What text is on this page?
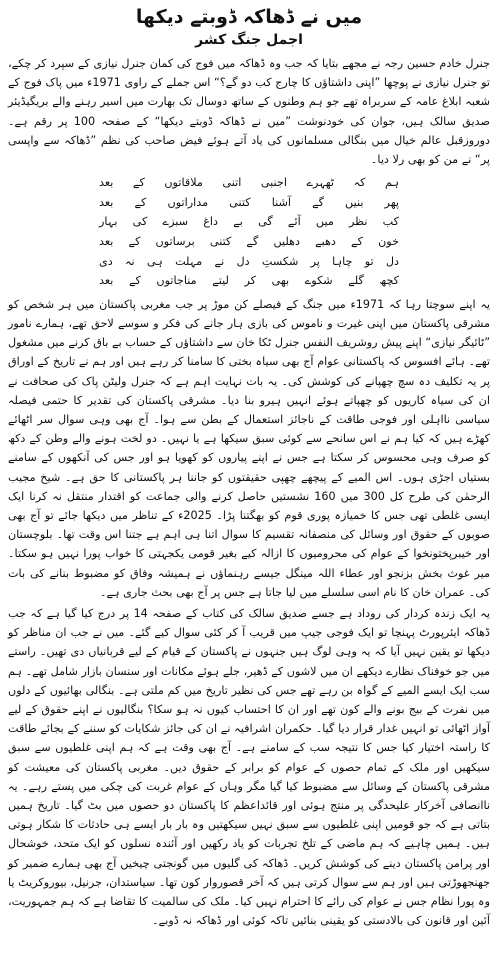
میں نے ڈھاکہ ڈوبتے دیکھا
اجمل جنگ کشر

جنرل خادم حسین رجہ نے مجھے بتایا کہ جب وہ ڈھاکہ میں فوج کی کمان جنرل نیازی کے سپرد کر چکے، تو جنرل نیازی نے پوچھا ”اپنی داشتاؤں کا چارج کب دو گے؟“ اس جملے کے راوی 1971ء میں پاک فوج کے شعبہ ابلاغ عامہ کے سربراہ تھے جو ہم وطنوں کے ساتھ دوسال تک بھارت میں اسیر رہنے والے بریگیڈیئر صدیق سالک ہیں، جوان کی خودنوشت ”میں نے ڈھاکہ ڈوبتے دیکھا“ کے صفحہ 100 پر رقم ہے۔ دوروزقبل عالم خیال میں بنگالی مسلمانوں کی یاد آتے ہوئے فیض صاحب کی نظم ”ڈھاکہ سے واپسی پر“ نے من کو بھی رلا دیا۔

ہم کہ ٹھہرے اجنبی اتنی ملاقاتوں کے بعد
پھر بنیں گے آشنا کتنی مداراتوں کے بعد
کب نظر میں آئے گی بے داغ سبزے کی بہار
خون کے دھبے دھلیں گے کتنی برساتوں کے بعد
دل تو چاہا پر شکستِ دل نے مہلت ہی نہ دی
کچھ گلے شکوے بھی کر لیتے مناجاتوں کے بعد

یہ اپنے سوچتا رہا کہ 1971ء میں جنگ کے فیصلے کن موڑ پر جب مغربی پاکستان میں ہر شخص کو مشرقی پاکستان میں اپنی غیرت و ناموس کی بازی ہار جانے کی فکر و سوسے لاحق تھے، ہمارے نامور ”ٹائیگر نیازی“ اپنے پیش روشریف النفس جنرل ٹکا خان سے داشتاؤں کے حساب بے باق کرنے میں مشغول تھے۔ ہائے افسوس کہ پاکستانی عوام آج بھی سیاہ بختی کا سامنا کر رہے ہیں اور ہم نے تاریخ کے اوراق پر یہ تکلیف دہ سچ چھپانے کی کوشش کی۔ یہ بات نہایت اہم ہے کہ جنرل ولیٹن پاک کی صحافت نے ان کی سیاہ کاریوں کو چھپاتے ہوئے انہیں ہیرو بنا دیا۔ مشرقی پاکستان کی تقدیر کا حتمی فیصلہ سیاسی نااہلی اور فوجی طاقت کے ناجائز استعمال کے بطن سے ہوا۔ آج بھی وہی سوال سر اٹھائے کھڑے ہیں کہ کیا ہم نے اس سانحے سے کوئی سبق سیکھا ہے یا نہیں۔ دو لخت ہونے والے وطن کے دکھ کو صرف وہی محسوس کر سکتا ہے جس نے اپنے پیاروں کو کھویا ہو اور جس کی آنکھوں کے سامنے بستیاں اجڑی ہوں۔ اس المیے کے پیچھے چھپی حقیقتوں کو جاننا ہر پاکستانی کا حق ہے۔ شیخ مجیب الرحمٰن کی طرح کل 300 میں 160 نشستیں حاصل کرنے والی جماعت کو اقتدار منتقل نہ کرنا ایک ایسی غلطی تھی جس کا خمیازہ پوری قوم کو بھگتنا پڑا۔ 2025ء کے تناظر میں دیکھا جائے تو آج بھی صوبوں کے حقوق اور وسائل کی منصفانہ تقسیم کا سوال اتنا ہی اہم ہے جتنا اس وقت تھا۔ بلوچستان اور خیبرپختونخوا کے عوام کی محرومیوں کا ازالہ کیے بغیر قومی یکجہتی کا خواب پورا نہیں ہو سکتا۔ میر غوث بخش بزنجو اور عطاء اللہ مینگل جیسے رہنماؤں نے ہمیشہ وفاق کو مضبوط بنانے کی بات کی۔ عمران خان کا نام اسی سلسلے میں لیا جاتا ہے جس پر آج بھی بحث جاری ہے۔

یہ ایک زندہ کردار کی روداد ہے جسے صدیق سالک کی کتاب کے صفحہ 14 پر درج کیا گیا ہے کہ جب ڈھاکہ ایئرپورٹ پہنچا تو ایک فوجی جیپ میں قریب آ کر کئی سوال کیے گئے۔ میں نے جب ان مناظر کو دیکھا تو یقین نہیں آیا کہ یہ وہی لوگ ہیں جنہوں نے پاکستان کے قیام کے لیے قربانیاں دی تھیں۔ راستے میں جو خوفناک نظارے دیکھے ان میں لاشوں کے ڈھیر، جلے ہوئے مکانات اور سنسان بازار شامل تھے۔ ہم سب ایک ایسے المیے کے گواہ بن رہے تھے جس کی نظیر تاریخ میں کم ملتی ہے۔ بنگالی بھائیوں کے دلوں میں نفرت کے بیج بونے والے کون تھے اور ان کا احتساب کیوں نہ ہو سکا؟ بنگالیوں نے اپنے حقوق کے لیے آواز اٹھائی تو انہیں غدار قرار دیا گیا۔ حکمران اشرافیہ نے ان کی جائز شکایات کو سننے کے بجائے طاقت کا راستہ اختیار کیا جس کا نتیجہ سب کے سامنے ہے۔ آج بھی وقت ہے کہ ہم اپنی غلطیوں سے سبق سیکھیں اور ملک کے تمام حصوں کے عوام کو برابر کے حقوق دیں۔ مغربی پاکستان کی معیشت کو مشرقی پاکستان کے وسائل سے مضبوط کیا گیا مگر وہاں کے عوام غربت کی چکی میں پستے رہے۔ یہ ناانصافی آخرکار علیحدگی پر منتج ہوئی اور قائداعظم کا پاکستان دو حصوں میں بٹ گیا۔ تاریخ ہمیں بتاتی ہے کہ جو قومیں اپنی غلطیوں سے سبق نہیں سیکھتیں وہ بار بار ایسے ہی حادثات کا شکار ہوتی ہیں۔ ہمیں چاہیے کہ ہم ماضی کے تلخ تجربات کو یاد رکھیں اور آئندہ نسلوں کو ایک متحد، خوشحال اور پرامن پاکستان دینے کی کوشش کریں۔ ڈھاکہ کی گلیوں میں گونجتی چیخیں آج بھی ہمارے ضمیر کو جھنجھوڑتی ہیں اور ہم سے سوال کرتی ہیں کہ آخر قصوروار کون تھا۔ سیاستدان، جرنیل، بیوروکریٹ یا وہ پورا نظام جس نے عوام کی رائے کا احترام نہیں کیا۔ ملک کی سالمیت کا تقاضا ہے کہ ہم جمہوریت، آئین اور قانون کی بالادستی کو یقینی بنائیں تاکہ کوئی اور ڈھاکہ نہ ڈوبے۔
